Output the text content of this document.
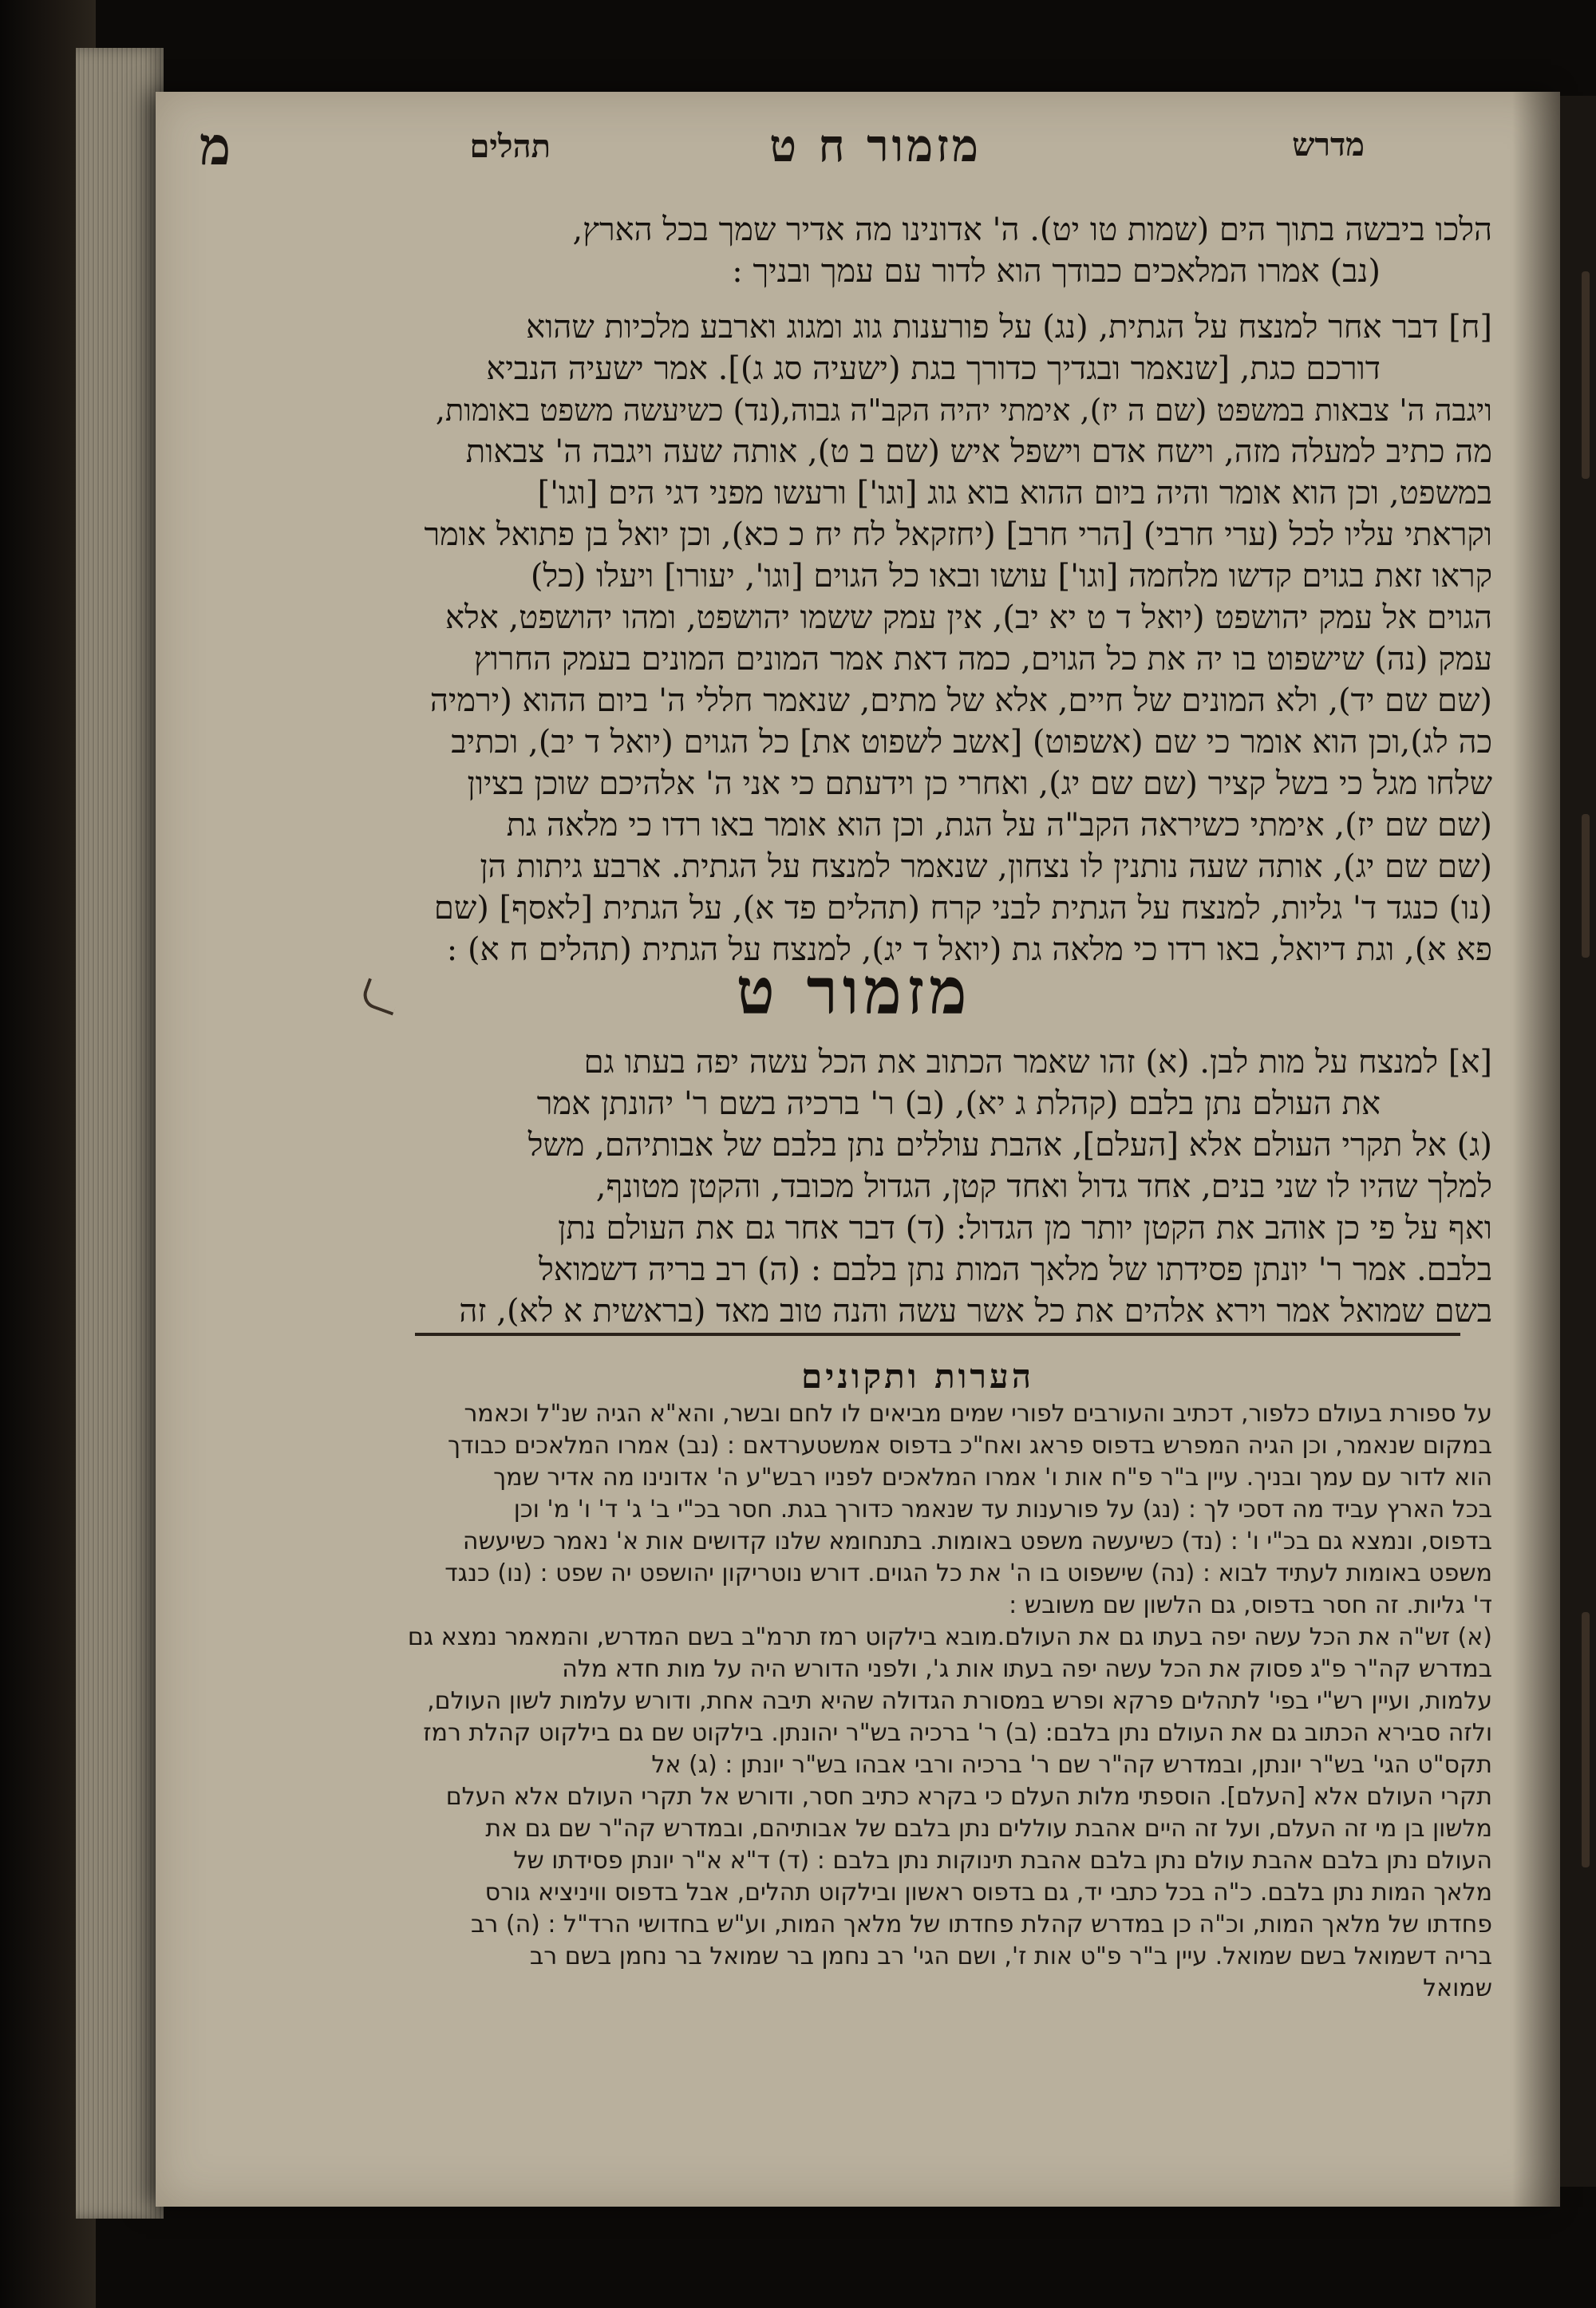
מדרש
מזמור ח ט
תהלים
מ

הלכו ביבשה בתוך הים (שמות טו יט). ה' אדונינו מה אדיר שמך בכל הארץ,

(נב) אמרו המלאכים כבודך הוא לדור עם עמך ובניך :

[ח] דבר אחר למנצח על הגתית, (נג) על פורענות גוג ומגוג וארבע מלכיות שהוא

דורכם כגת, [שנאמר ובגדיך כדורך בגת (ישעיה סג ג)]. אמר ישעיה הנביא

ויגבה ה' צבאות במשפט (שם ה יז), אימתי יהיה הקב"ה גבוה,(נד) כשיעשה משפט באומות,

מה כתיב למעלה מזה, וישח אדם וישפל איש (שם ב ט), אותה שעה ויגבה ה' צבאות

במשפט, וכן הוא אומר והיה ביום ההוא בוא גוג [וגו'] ורעשו מפני דגי הים [וגו']

וקראתי עליו לכל (ערי חרבי) [הרי חרב] (יחזקאל לח יח כ כא), וכן יואל בן פתואל אומר

קראו זאת בגוים קדשו מלחמה [וגו'] עושו ובאו כל הגוים [וגו', יעורו] ויעלו (כל)

הגוים אל עמק יהושפט (יואל ד ט יא יב), אין עמק ששמו יהושפט, ומהו יהושפט, אלא

עמק (נה) שישפוט בו יה את כל הגוים, כמה דאת אמר המונים המונים בעמק החרוץ

(שם שם יד), ולא המונים של חיים, אלא של מתים, שנאמר חללי ה' ביום ההוא (ירמיה

כה לג),וכן הוא אומר כי שם (אשפוט) [אשב לשפוט את] כל הגוים (יואל ד יב), וכתיב

שלחו מגל כי בשל קציר (שם שם יג), ואחרי כן וידעתם כי אני ה' אלהיכם שוכן בציון

(שם שם יז), אימתי כשיראה הקב"ה על הגת, וכן הוא אומר באו רדו כי מלאה גת

(שם שם יג), אותה שעה נותנין לו נצחון, שנאמר למנצח על הגתית. ארבע גיתות הן

(נו) כנגד ד' גליות, למנצח על הגתית לבני קרח (תהלים פד א), על הגתית [לאסף] (שם

פא א), וגת דיואל, באו רדו כי מלאה גת (יואל ד יג), למנצח על הגתית (תהלים ח א) :

מזמור ט

[א] למנצח על מות לבן. (א) זהו שאמר הכתוב את הכל עשה יפה בעתו גם

את העולם נתן בלבם (קהלת ג יא), (ב) ר' ברכיה בשם ר' יהונתן אמר

(ג) אל תקרי העולם אלא [העלם], אהבת עוללים נתן בלבם של אבותיהם, משל

למלך שהיו לו שני בנים, אחד גדול ואחד קטן, הגדול מכובד, והקטן מטונף,

ואף על פי כן אוהב את הקטן יותר מן הגדול: (ד) דבר אחר גם את העולם נתן

בלבם. אמר ר' יונתן פסידתו של מלאך המות נתן בלבם : (ה) רב בריה דשמואל

בשם שמואל אמר וירא אלהים את כל אשר עשה והנה טוב מאד (בראשית א לא), זה

הערות ותקונים

על ספורת בעולם כלפור, דכתיב והעורבים לפורי שמים מביאים לו לחם ובשר, והא"א הגיה שנ"ל וכאמר

במקום שנאמר, וכן הגיה המפרש בדפוס פראג ואח"כ בדפוס אמשטערדאם : (נב) אמרו המלאכים כבודך

הוא לדור עם עמך ובניך. עיין ב"ר פ"ח אות ו' אמרו המלאכים לפניו רבש"ע ה' אדונינו מה אדיר שמך

בכל הארץ עביד מה דסכי לך : (נג) על פורענות עד שנאמר כדורך בגת. חסר בכ"י ב' ג' ד' ו' מ' וכן

בדפוס, ונמצא גם בכ"י ו' : (נד) כשיעשה משפט באומות. בתנחומא שלנו קדושים אות א' נאמר כשיעשה

משפט באומות לעתיד לבוא : (נה) שישפוט בו ה' את כל הגוים. דורש נוטריקון יהושפט יה שפט : (נו) כנגד

ד' גליות. זה חסר בדפוס, גם הלשון שם משובש :

(א) זש"ה את הכל עשה יפה בעתו גם את העולם.מובא בילקוט רמז תרמ"ב בשם המדרש, והמאמר נמצא גם

במדרש קה"ר פ"ג פסוק את הכל עשה יפה בעתו אות ג', ולפני הדורש היה על מות חדא מלה

עלמות, ועיין רש"י בפי' לתהלים פרקא ופרש במסורת הגדולה שהיא תיבה אחת, ודורש עלמות לשון העולם,

ולזה סבירא הכתוב גם את העולם נתן בלבם: (ב) ר' ברכיה בש"ר יהונתן. בילקוט שם גם בילקוט קהלת רמז

תקס"ט הגי' בש"ר יונתן, ובמדרש קה"ר שם ר' ברכיה ורבי אבהו בש"ר יונתן : (ג) אל

תקרי העולם אלא [העלם]. הוספתי מלות העלם כי בקרא כתיב חסר, ודורש אל תקרי העולם אלא העלם

מלשון בן מי זה העלם, ועל זה היים אהבת עוללים נתן בלבם של אבותיהם, ובמדרש קה"ר שם גם את

העולם נתן בלבם אהבת עולם נתן בלבם אהבת תינוקות נתן בלבם : (ד) ד"א א"ר יונתן פסידתו של

מלאך המות נתן בלבם. כ"ה בכל כתבי יד, גם בדפוס ראשון ובילקוט תהלים, אבל בדפוס וויניציא גורס

פחדתו של מלאך המות, וכ"ה כן במדרש קהלת פחדתו של מלאך המות, וע"ש בחדושי הרד"ל : (ה) רב

בריה דשמואל בשם שמואל. עיין ב"ר פ"ט אות ז', ושם הגי' רב נחמן בר שמואל בר נחמן בשם רב

שמואל
